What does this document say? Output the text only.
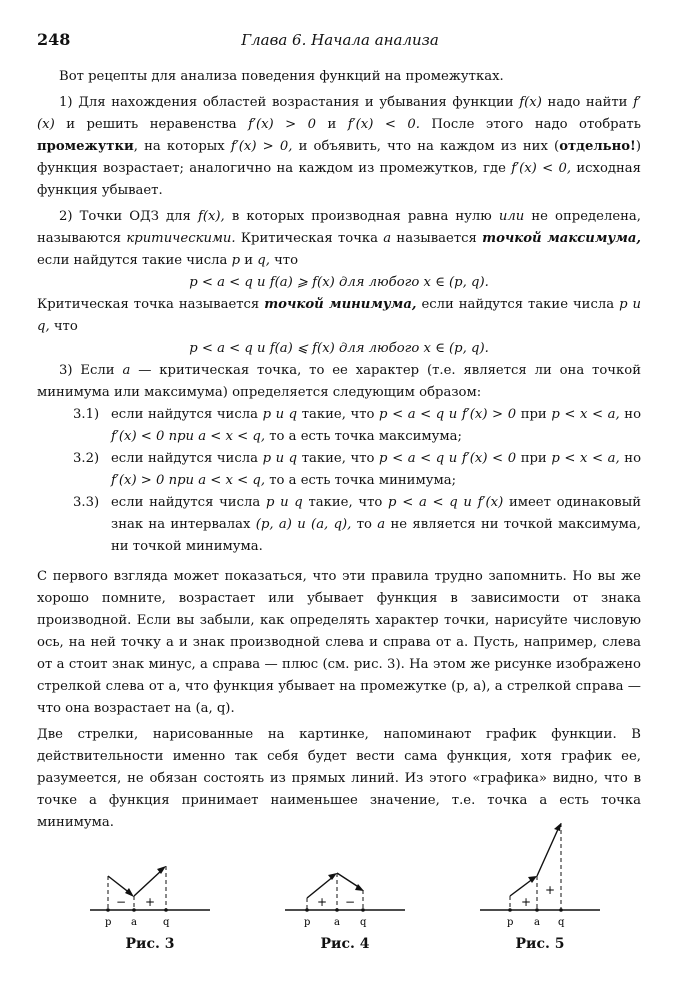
248	Глава 6. Начала анализа

Вот рецепты для анализа поведения функций на промежутках.

1) Для нахождения областей возрастания и убывания функции f(x) надо найти f′(x) и решить неравенства f′(x) > 0 и f′(x) < 0. После этого надо отобрать промежутки, на которых f′(x) > 0, и объявить, что на каждом из них (отдельно!) функция возрастает; аналогично на каждом из промежутков, где f′(x) < 0, исходная функция убывает.

2) Точки ОДЗ для f(x), в которых производная равна нулю или не определена, называются критическими. Критическая точка a называется точкой максимума, если найдутся такие числа p и q, что

p < a < q и f(a) ⩾ f(x) для любого x ∈ (p, q).

Критическая точка называется точкой минимума, если найдутся такие числа p и q, что

p < a < q и f(a) ⩽ f(x) для любого x ∈ (p, q).

3) Если a — критическая точка, то ее характер (т.е. является ли она точкой минимума или максимума) определяется следующим образом:

3.1) если найдутся числа p и q такие, что p < a < q и f′(x) > 0 при p < x < a, но f′(x) < 0 при a < x < q, то a есть точка максимума;

3.2) если найдутся числа p и q такие, что p < a < q и f′(x) < 0 при p < x < a, но f′(x) > 0 при a < x < q, то a есть точка минимума;

3.3) если найдутся числа p и q такие, что p < a < q и f′(x) имеет одинаковый знак на интервалах (p, a) и (a, q), то a не является ни точкой максимума, ни точкой минимума.

С первого взгляда может показаться, что эти правила трудно запомнить. Но вы же хорошо помните, возрастает или убывает функция в зависимости от знака производной. Если вы забыли, как определять характер точки, нарисуйте числовую ось, на ней точку a и знак производной слева и справа от a. Пусть, например, слева от a стоит знак минус, а справа — плюс (см. рис. 3). На этом же рисунке изображено стрелкой слева от a, что функция убывает на промежутке (p, a), а стрелкой справа — что она возрастает на (a, q).

Две стрелки, нарисованные на картинке, напоминают график функции. В действительности именно так себя будет вести сама функция, хотя график ее, разумеется, не обязан состоять из прямых линий. Из этого «графика» видно, что в точке a функция принимает наименьшее значение, т.е. точка a есть точка минимума.

− +
p a	q
Рис. 3
+ −
p a q
Рис. 4
+
+
p a q
Рис. 5
